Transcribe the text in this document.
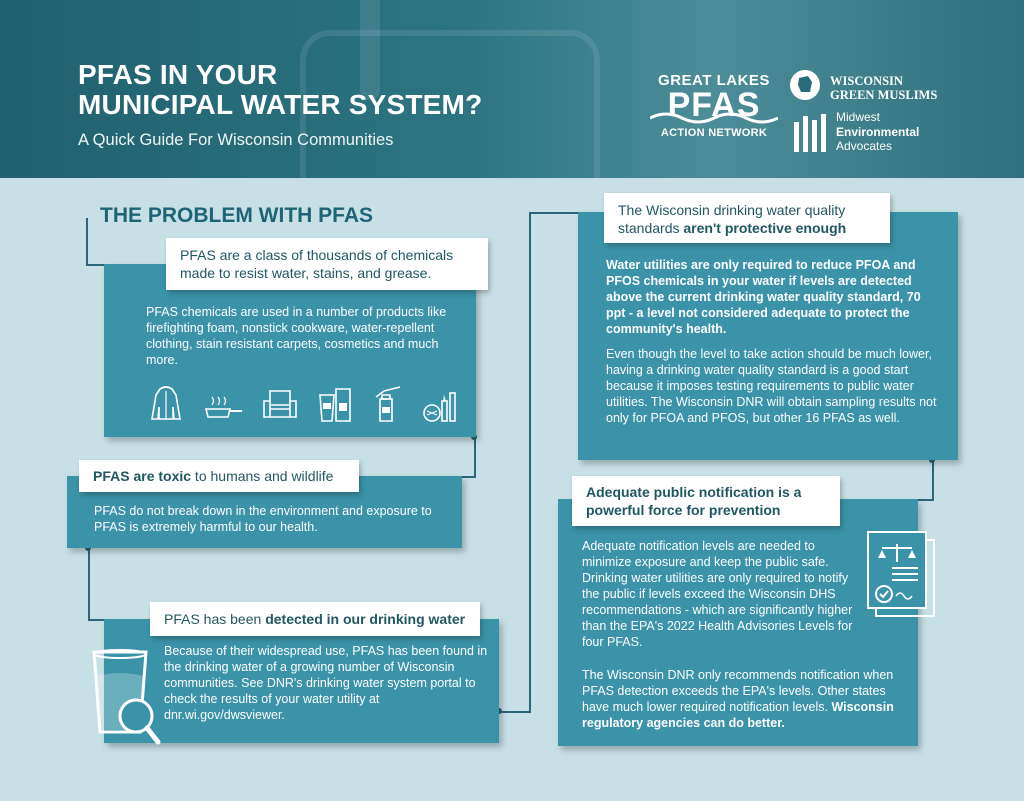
PFAS IN YOUR
MUNICIPAL WATER SYSTEM?
A Quick Guide For Wisconsin Communities
GREAT LAKES
PFAS
ACTION NETWORK
WISCONSIN
GREEN MUSLIMS
Midwest
Environmental
Advocates
THE PROBLEM WITH PFAS
PFAS are a class of thousands of chemicals made to resist water, stains, and grease.
PFAS chemicals are used in a number of products like firefighting foam, nonstick cookware, water-repellent clothing, stain resistant carpets, cosmetics and much more.
PFAS are toxic to humans and wildlife
PFAS do not break down in the environment and exposure to PFAS is extremely harmful to our health.
PFAS has been detected in our drinking water
Because of their widespread use, PFAS has been found in the drinking water of a growing number of Wisconsin communities. See DNR's drinking water system portal to check the results of your water utility at dnr.wi.gov/dwsviewer.
The Wisconsin drinking water quality standards aren't protective enough
Water utilities are only required to reduce PFOA and PFOS chemicals in your water if levels are detected above the current drinking water quality standard, 70 ppt - a level not considered adequate to protect the community's health.
Even though the level to take action should be much lower, having a drinking water quality standard is a good start because it imposes testing requirements to public water utilities. The Wisconsin DNR will obtain sampling results not only for PFOA and PFOS, but other 16 PFAS as well.
Adequate public notification is a powerful force for prevention
Adequate notification levels are needed to minimize exposure and keep the public safe. Drinking water utilities are only required to notify the public if levels exceed the Wisconsin DHS recommendations - which are significantly higher than the EPA's 2022 Health Advisories Levels for four PFAS.
The Wisconsin DNR only recommends notification when PFAS detection exceeds the EPA's levels. Other states have much lower required notification levels. Wisconsin regulatory agencies can do better.
